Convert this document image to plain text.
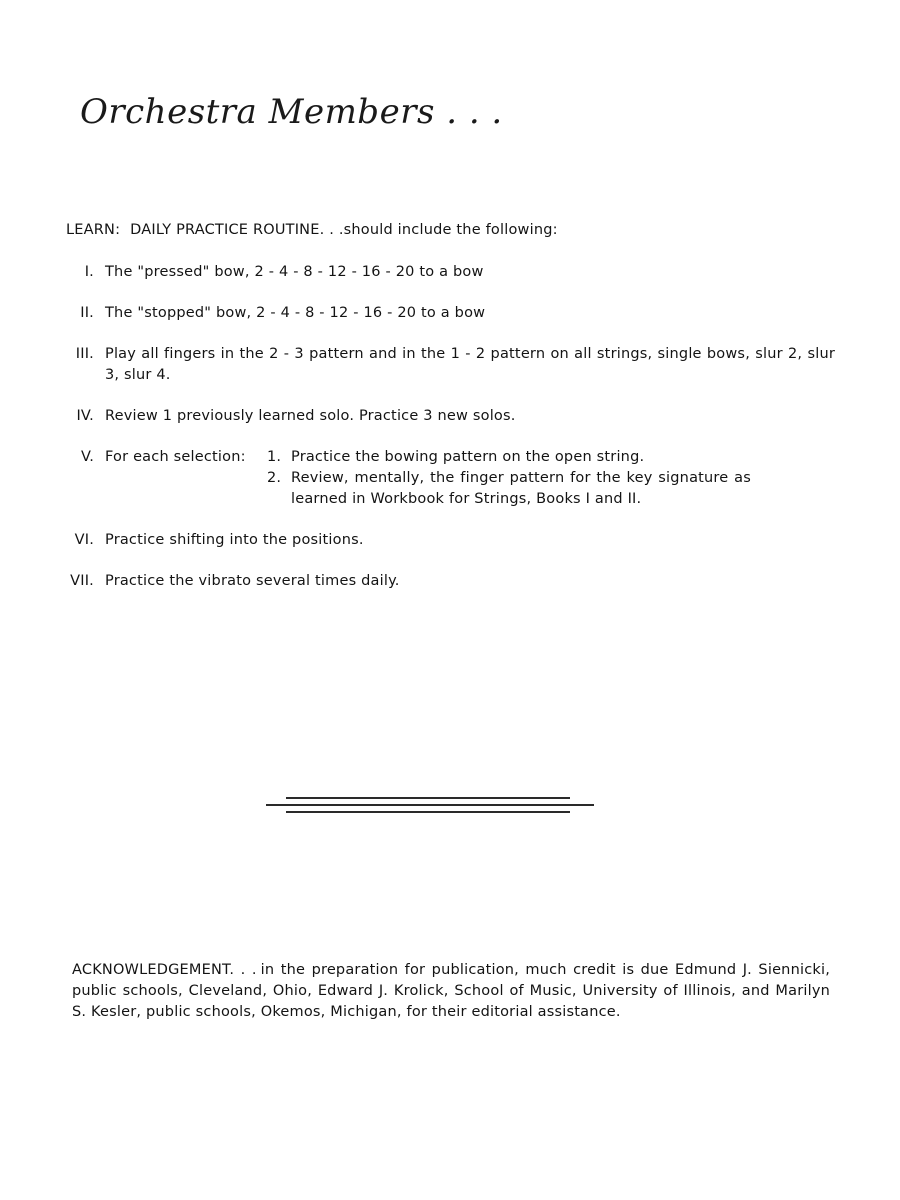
Orchestra Members . . .
LEARN: DAILY PRACTICE ROUTINE. . .should include the following:
I. The "pressed" bow, 2 - 4 - 8 - 12 - 16 - 20 to a bow
II. The "stopped" bow, 2 - 4 - 8 - 12 - 16 - 20 to a bow
III. Play all fingers in the 2 - 3 pattern and in the 1 - 2 pattern on all strings, single bows, slur 2, slur 3, slur 4.
IV. Review 1 previously learned solo. Practice 3 new solos.
V. For each selection:	1. Practice the bowing pattern on the open string.
2. Review, mentally, the finger pattern for the key signature as learned in Workbook for Strings, Books I and II.
VI. Practice shifting into the positions.
VII. Practice the vibrato several times daily.

ACKNOWLEDGEMENT. . . in the preparation for publication, much credit is due Edmund J. Siennicki, public schools, Cleveland, Ohio, Edward J. Krolick, School of Music, University of Illinois, and Marilyn S. Kesler, public schools, Okemos, Michigan, for their editorial assistance.
